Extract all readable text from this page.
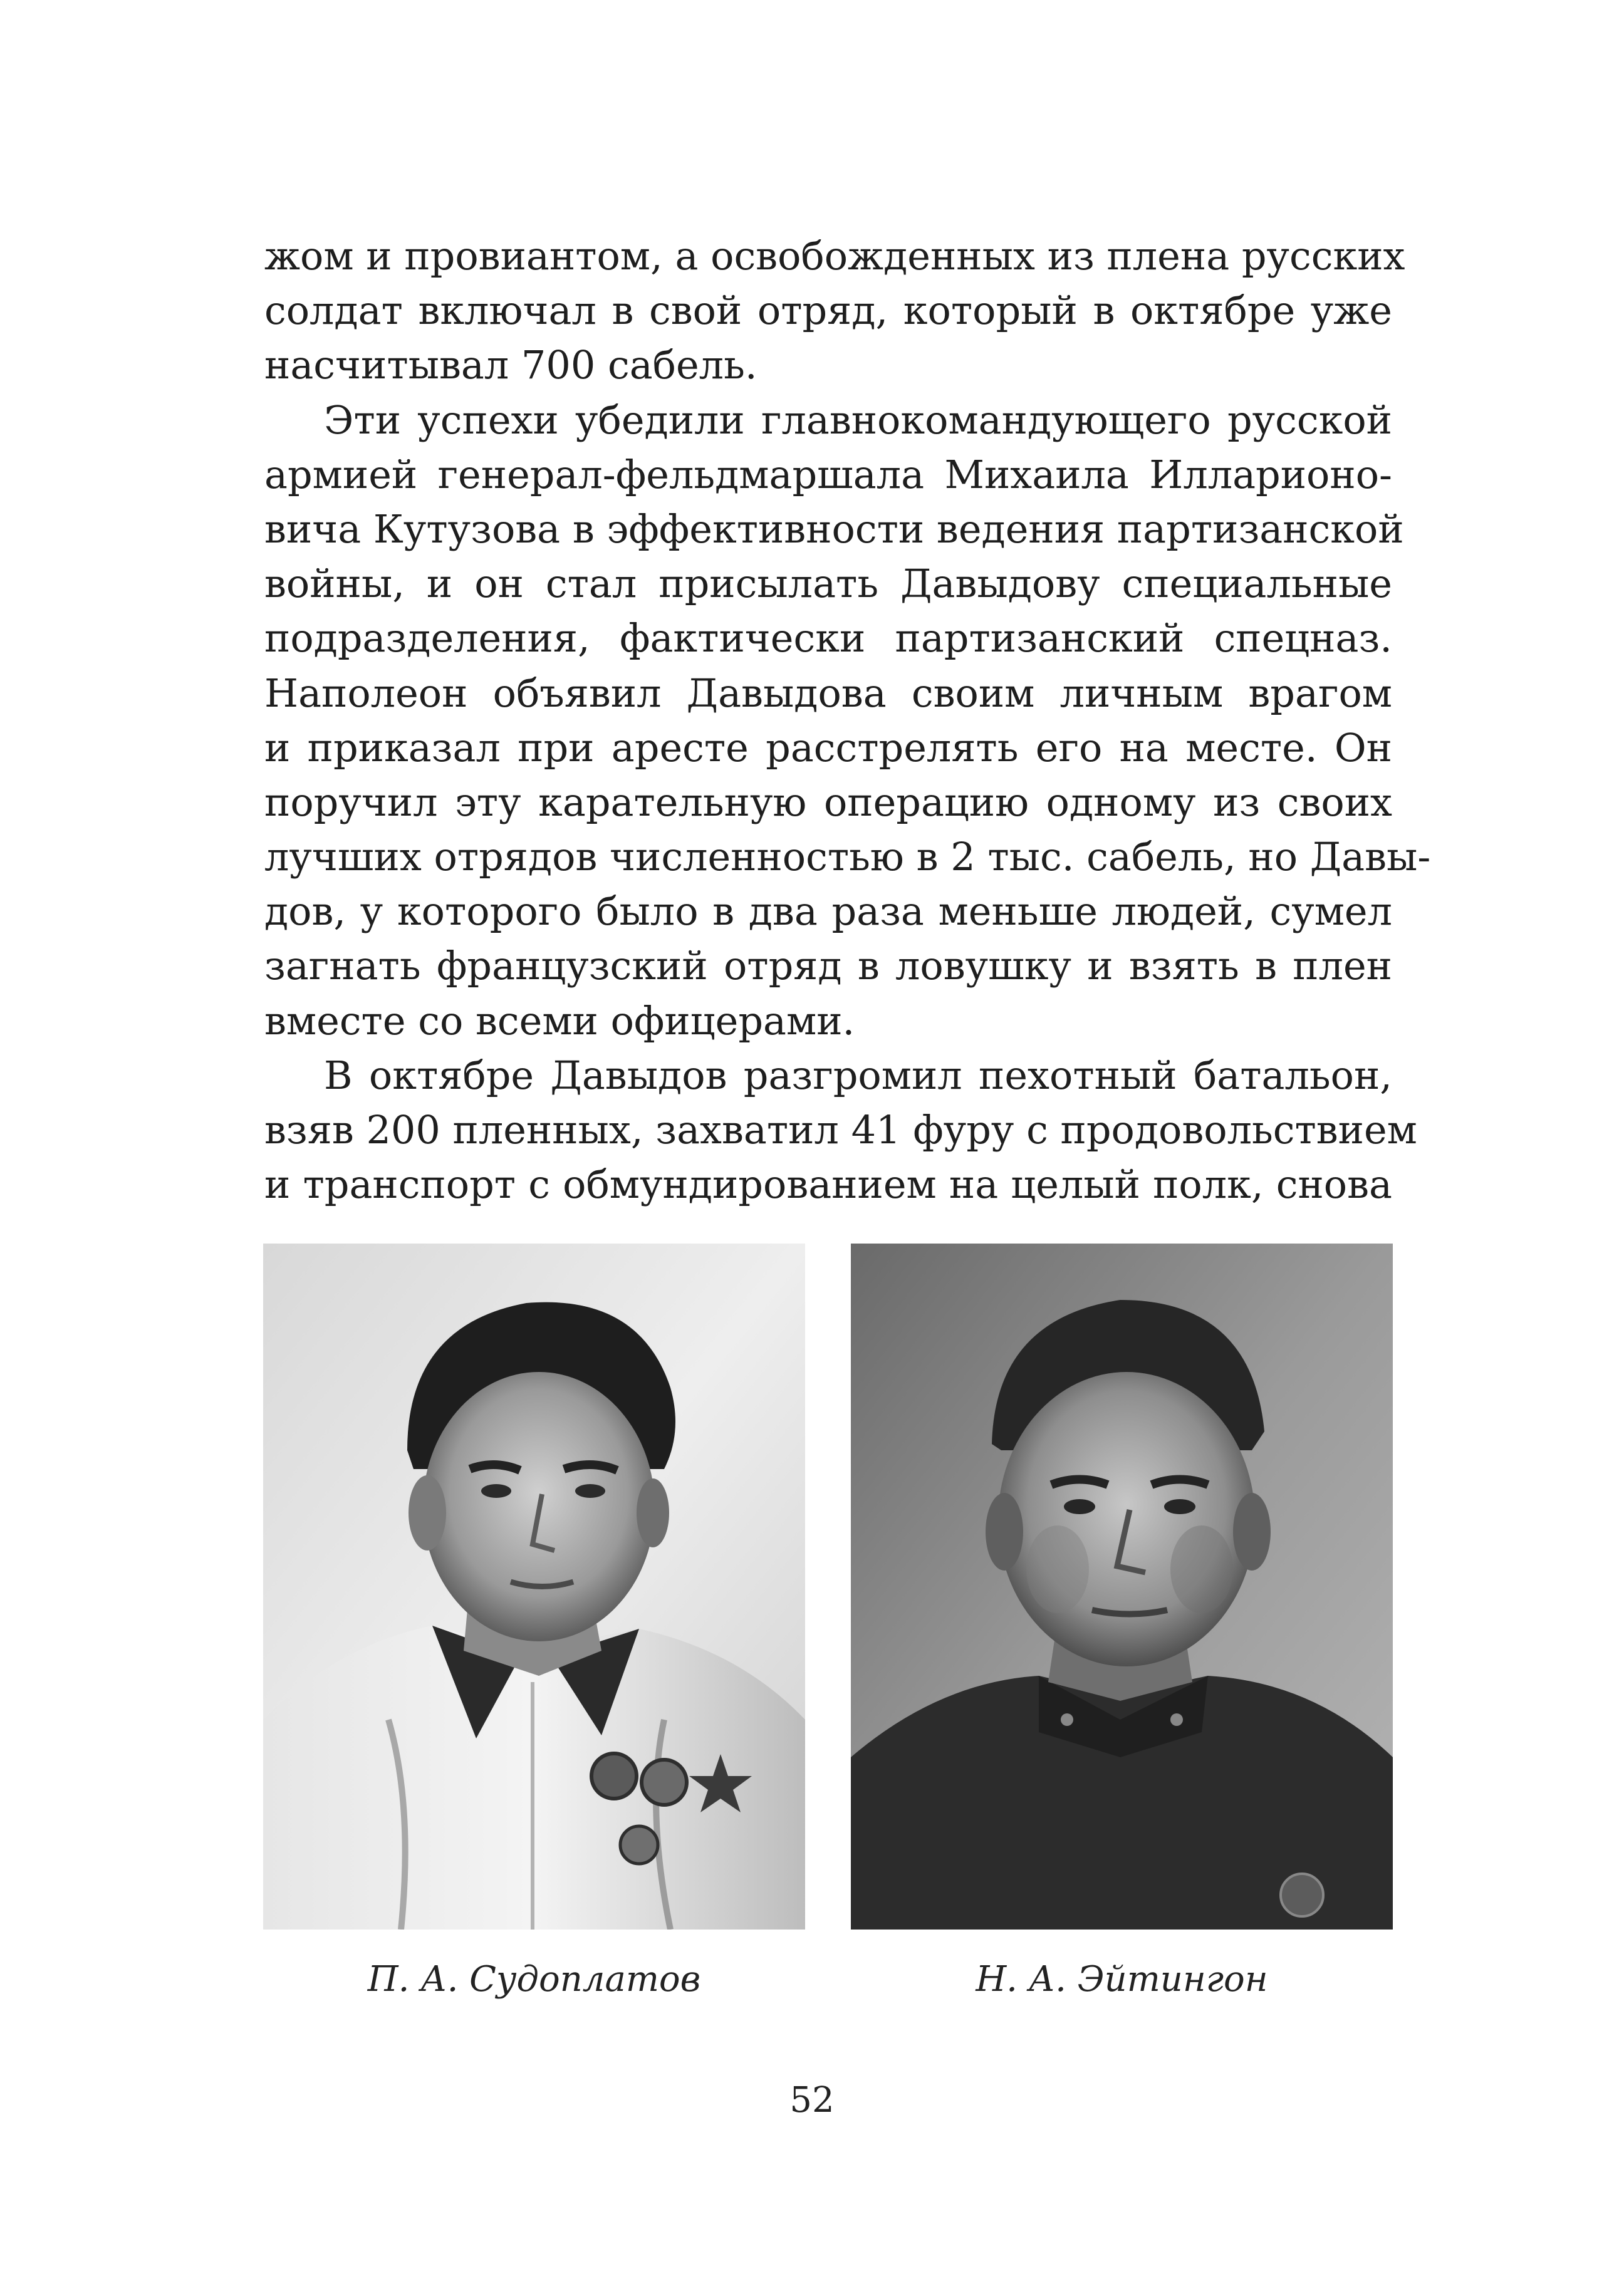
жом и провиантом, а освобожденных из плена русских
солдат включал в свой отряд, который в октябре уже
насчитывал 700 сабель.
Эти успехи убедили главнокомандующего русской
армией генерал-фельдмаршала Михаила Илларионо-
вича Кутузова в эффективности ведения партизанской
войны, и он стал присылать Давыдову специальные
подразделения, фактически партизанский спецназ.
Наполеон объявил Давыдова своим личным врагом
и приказал при аресте расстрелять его на месте. Он
поручил эту карательную операцию одному из своих
лучших отрядов численностью в 2 тыс. сабель, но Давы-
дов, у которого было в два раза меньше людей, сумел
загнать французский отряд в ловушку и взять в плен
вместе со всеми офицерами.
В октябре Давыдов разгромил пехотный батальон,
взяв 200 пленных, захватил 41 фуру с продовольствием
и транспорт с обмундированием на целый полк, снова
П. А. Судоплатов	Н. А. Эйтингон
52
